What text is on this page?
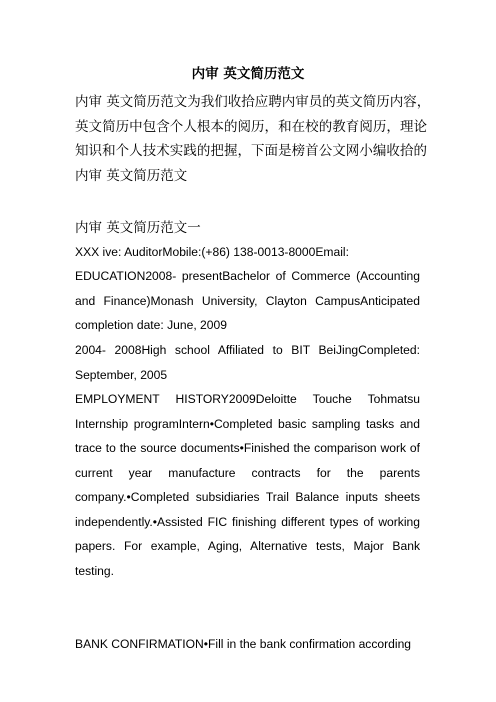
内审 英文简历范文
内审 英文简历范文为我们收拾应聘内审员的英文简历内容，
英文简历中包含个人根本的阅历，和在校的教育阅历，理论
知识和个人技术实践的把握，下面是榜首公文网小编收拾的
内审 英文简历范文

内审 英文简历范文一

XXX ive: AuditorMobile:(+86) 138-0013-8000Email:

EDUCATION2008- presentBachelor of Commerce (Accounting and Finance)Monash University, Clayton CampusAnticipated completion date: June, 2009

2004- 2008High school Affiliated to BIT BeiJingCompleted: September, 2005

EMPLOYMENT HISTORY2009Deloitte Touche Tohmatsu Internship programIntern•Completed basic sampling tasks and trace to the source documents•Finished the comparison work of current year manufacture contracts for the parents company.•Completed subsidiaries Trail Balance inputs sheets independently.•Assisted FIC finishing different types of working papers. For example, Aging, Alternative tests, Major Bank testing.

BANK CONFIRMATION•Fill in the bank confirmation according
